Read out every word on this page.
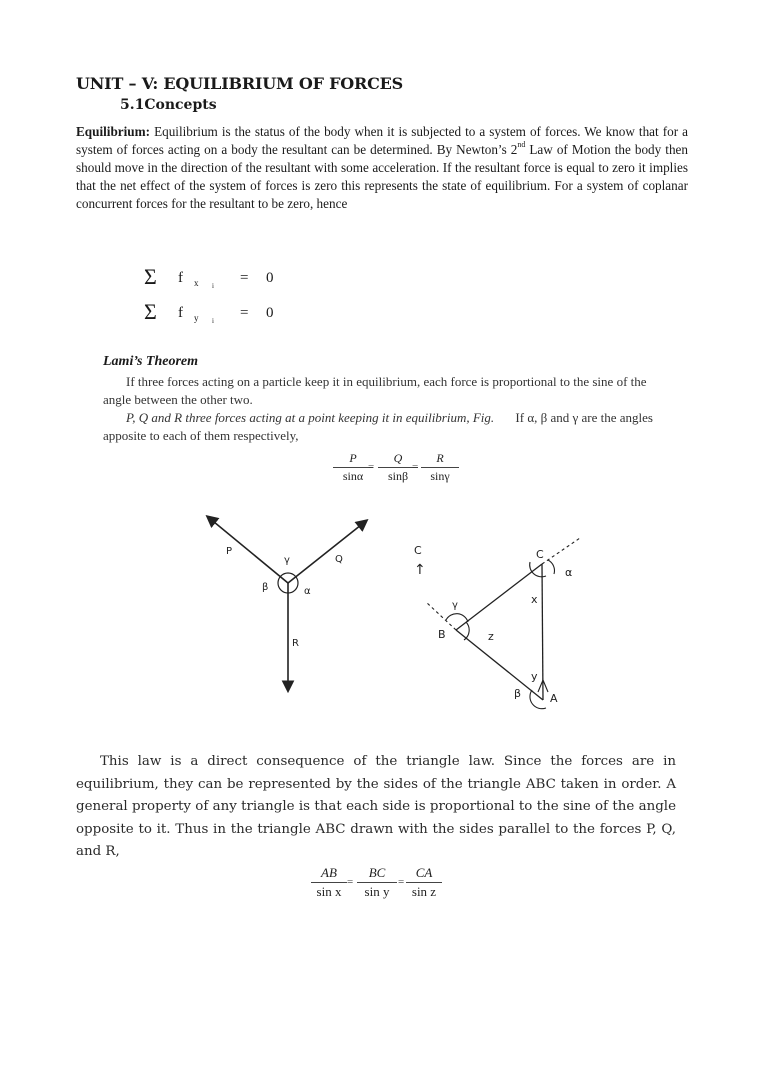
UNIT – V: EQUILIBRIUM OF FORCES
5.1Concepts
Equilibrium: Equilibrium is the status of the body when it is subjected to a system of forces. We know that for a system of forces acting on a body the resultant can be determined. By Newton’s 2nd Law of Motion the body then should move in the direction of the resultant with some acceleration. If the resultant force is equal to zero it implies that the net effect of the system of forces is zero this represents the state of equilibrium. For a system of coplanar concurrent forces for the resultant to be zero, hence
Σ f x i = 0
Σ f y i = 0
Lami’s Theorem
If three forces acting on a particle keep it in equilibrium, each force is proportional to the sine of the angle between the other two.
P, Q and R three forces acting at a point keeping it in equilibrium, Fig. If α, β and γ are the angles apposite to each of them respectively,
$\frac{P}{\sin\alpha}$
= $\frac{Q}{\sin\beta}$
= $\frac{R}{\sin\gamma}$
P
Q
R
γ
β	α
C
↑
γ
B	z
C
α
x
y
β	A
This law is a direct consequence of the triangle law. Since the forces are in equilibrium, they can be represented by the sides of the triangle ABC taken in order. A general property of any triangle is that each side is proportional to the sine of the angle opposite to it. Thus in the triangle ABC drawn with the sides parallel to the forces P, Q, and R,
$\frac{AB}{\text{sin x}} = \frac{BC}{\text{sin y}} = \frac{CA}{\text{sin z}}$
